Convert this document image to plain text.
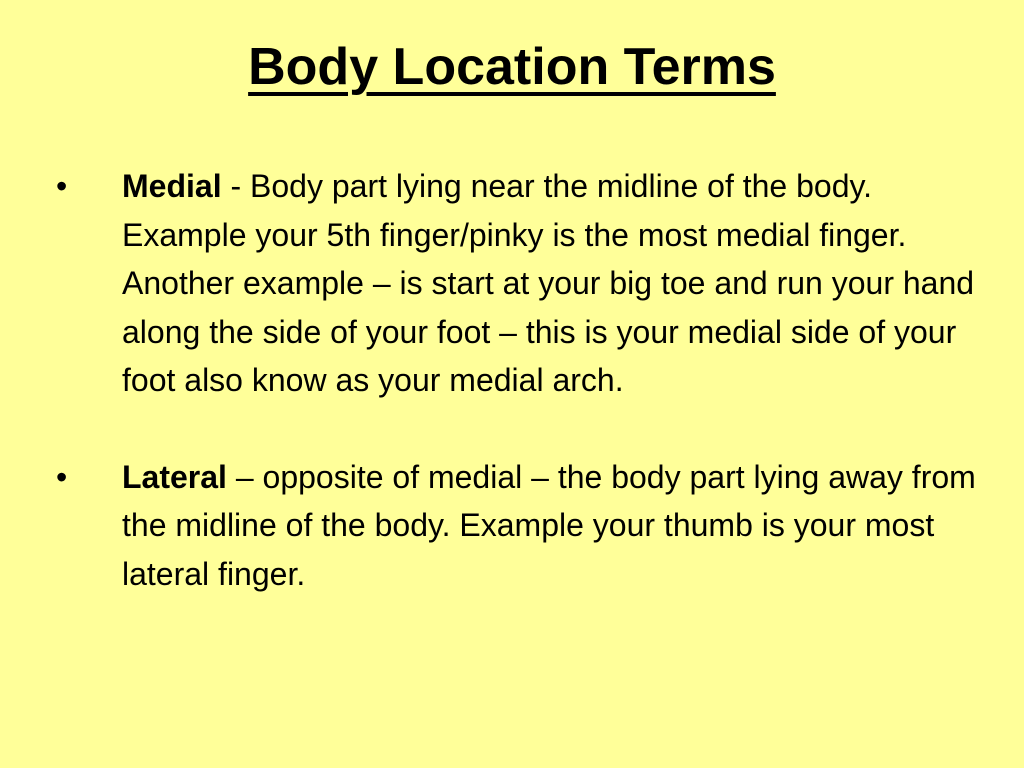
Body Location Terms
• Medial - Body part lying near the midline of the body. Example your 5th finger/pinky is the most medial finger. Another example – is start at your big toe and run your hand along the side of your foot – this is your medial side of your foot also know as your medial arch.
• Lateral – opposite of medial – the body part lying away from the midline of the body. Example your thumb is your most lateral finger.
